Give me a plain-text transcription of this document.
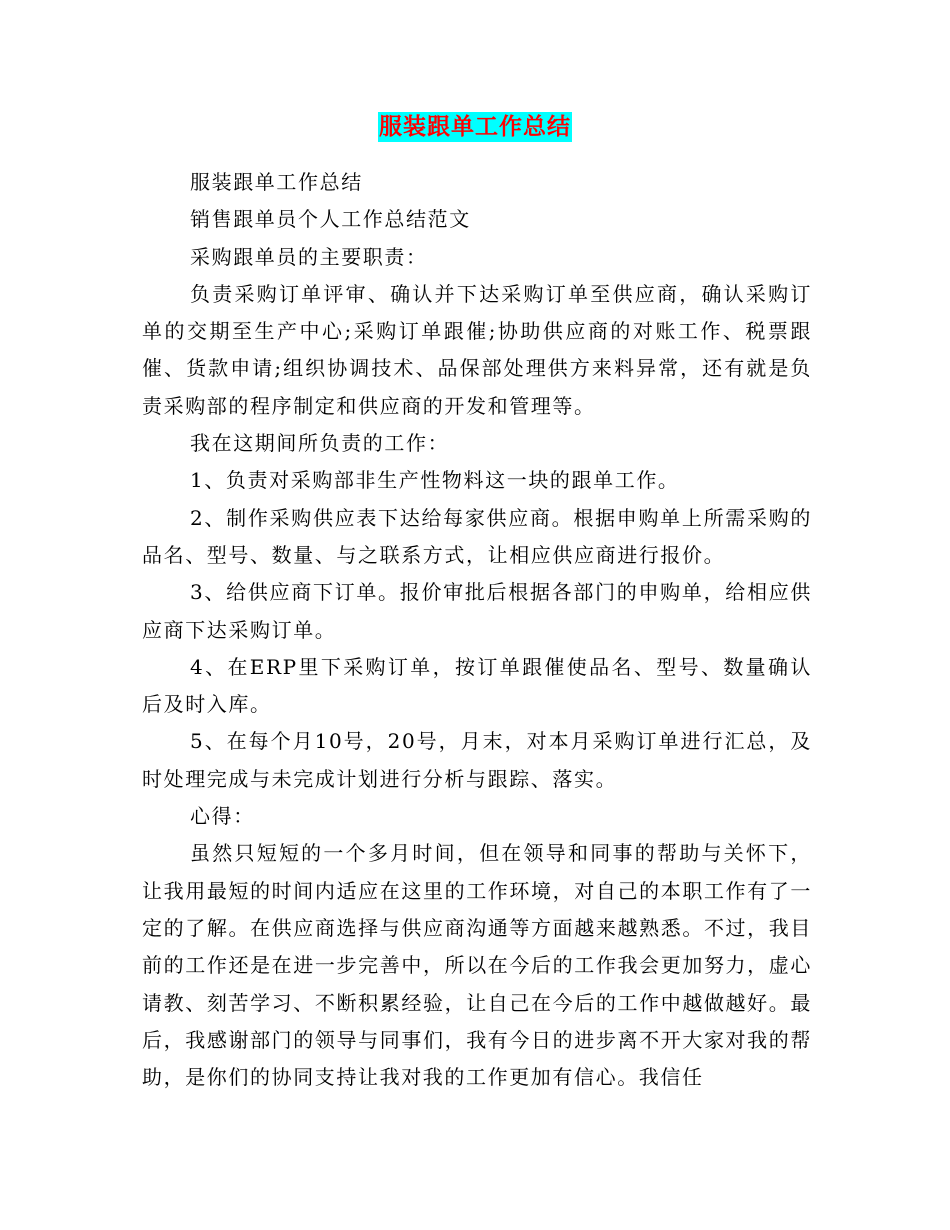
服装跟单工作总结

服装跟单工作总结

销售跟单员个人工作总结范文

采购跟单员的主要职责：

负责采购订单评审、确认并下达采购订单至供应商，确认采购订单的交期至生产中心;采购订单跟催;协助供应商的对账工作、税票跟催、货款申请;组织协调技术、品保部处理供方来料异常，还有就是负责采购部的程序制定和供应商的开发和管理等。

我在这期间所负责的工作：

1、负责对采购部非生产性物料这一块的跟单工作。

2、制作采购供应表下达给每家供应商。根据申购单上所需采购的品名、型号、数量、与之联系方式，让相应供应商进行报价。

3、给供应商下订单。报价审批后根据各部门的申购单，给相应供应商下达采购订单。

4、在ERP里下采购订单，按订单跟催使品名、型号、数量确认后及时入库。

5、在每个月10号，20号，月末，对本月采购订单进行汇总，及时处理完成与未完成计划进行分析与跟踪、落实。

心得：

虽然只短短的一个多月时间，但在领导和同事的帮助与关怀下，让我用最短的时间内适应在这里的工作环境，对自己的本职工作有了一定的了解。在供应商选择与供应商沟通等方面越来越熟悉。不过，我目前的工作还是在进一步完善中，所以在今后的工作我会更加努力，虚心请教、刻苦学习、不断积累经验，让自己在今后的工作中越做越好。最后，我感谢部门的领导与同事们，我有今日的进步离不开大家对我的帮助，是你们的协同支持让我对我的工作更加有信心。我信任
